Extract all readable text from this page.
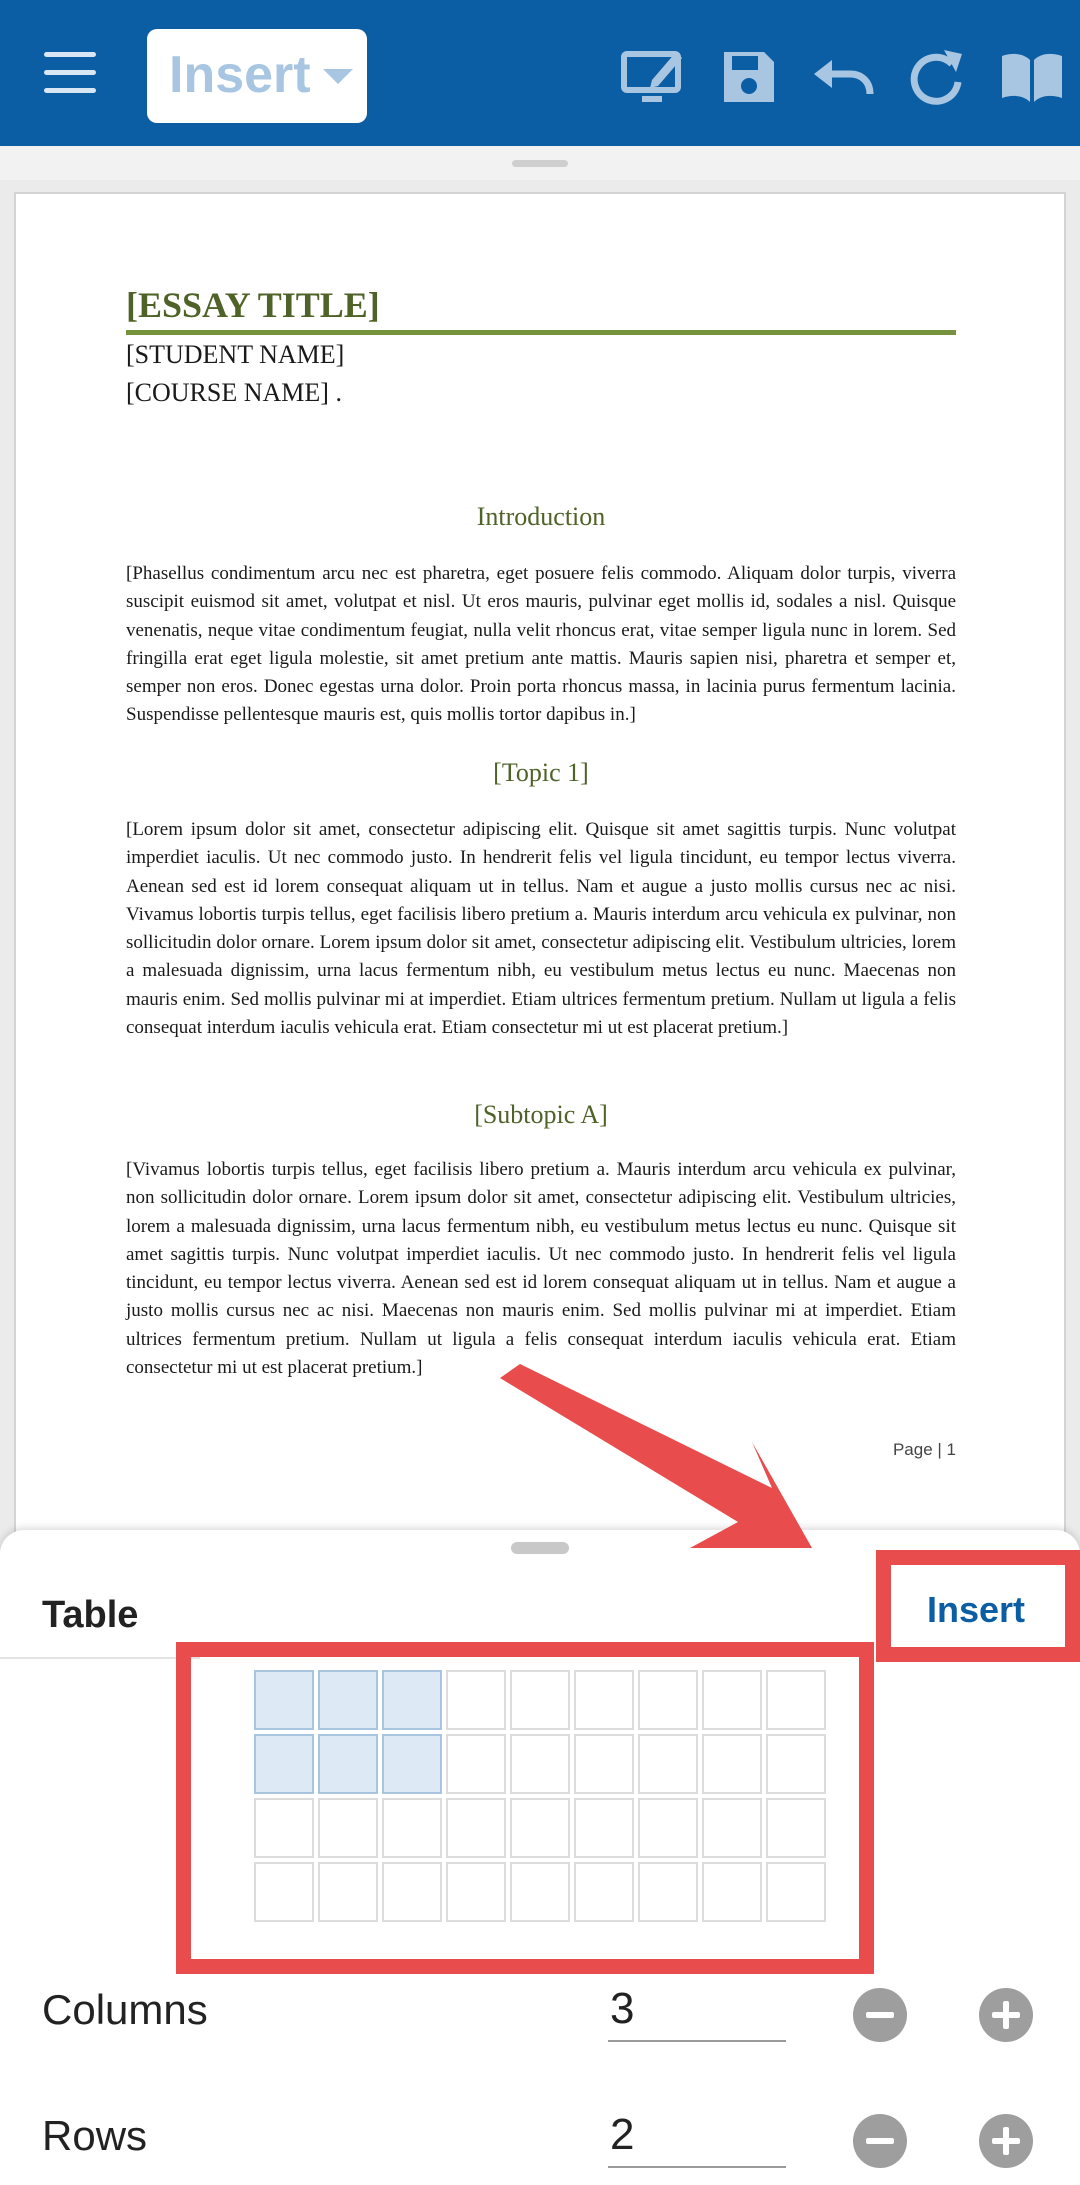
Insert
[ESSAY TITLE]
[STUDENT NAME]
[COURSE NAME] .
Introduction
[Phasellus condimentum arcu nec est pharetra, eget posuere felis commodo. Aliquam dolor turpis, viverra suscipit euismod sit amet, volutpat et nisl. Ut eros mauris, pulvinar eget mollis id, sodales a nisl. Quisque venenatis, neque vitae condimentum feugiat, nulla velit rhoncus erat, vitae semper ligula nunc in lorem. Sed fringilla erat eget ligula molestie, sit amet pretium ante mattis. Mauris sapien nisi, pharetra et semper et, semper non eros. Donec egestas urna dolor. Proin porta rhoncus massa, in lacinia purus fermentum lacinia. Suspendisse pellentesque mauris est, quis mollis tortor dapibus in.]
[Topic 1]
[Lorem ipsum dolor sit amet, consectetur adipiscing elit. Quisque sit amet sagittis turpis. Nunc volutpat imperdiet iaculis. Ut nec commodo justo. In hendrerit felis vel ligula tincidunt, eu tempor lectus viverra. Aenean sed est id lorem consequat aliquam ut in tellus. Nam et augue a justo mollis cursus nec ac nisi. Vivamus lobortis turpis tellus, eget facilisis libero pretium a. Mauris interdum arcu vehicula ex pulvinar, non sollicitudin dolor ornare. Lorem ipsum dolor sit amet, consectetur adipiscing elit. Vestibulum ultricies, lorem a malesuada dignissim, urna lacus fermentum nibh, eu vestibulum metus lectus eu nunc. Maecenas non mauris enim. Sed mollis pulvinar mi at imperdiet. Etiam ultrices fermentum pretium. Nullam ut ligula a felis consequat interdum iaculis vehicula erat. Etiam consectetur mi ut est placerat pretium.]
[Subtopic A]
[Vivamus lobortis turpis tellus, eget facilisis libero pretium a. Mauris interdum arcu vehicula ex pulvinar, non sollicitudin dolor ornare. Lorem ipsum dolor sit amet, consectetur adipiscing elit. Vestibulum ultricies, lorem a malesuada dignissim, urna lacus fermentum nibh, eu vestibulum metus lectus eu nunc. Quisque sit amet sagittis turpis. Nunc volutpat imperdiet iaculis. Ut nec commodo justo. In hendrerit felis vel ligula tincidunt, eu tempor lectus viverra. Aenean sed est id lorem consequat aliquam ut in tellus. Nam et augue a justo mollis cursus nec ac nisi. Maecenas non mauris enim. Sed mollis pulvinar mi at imperdiet. Etiam ultrices fermentum pretium. Nullam ut ligula a felis consequat interdum iaculis vehicula erat. Etiam consectetur mi ut est placerat pretium.]
Page | 1
Table	Insert
Columns
3
Rows
2
